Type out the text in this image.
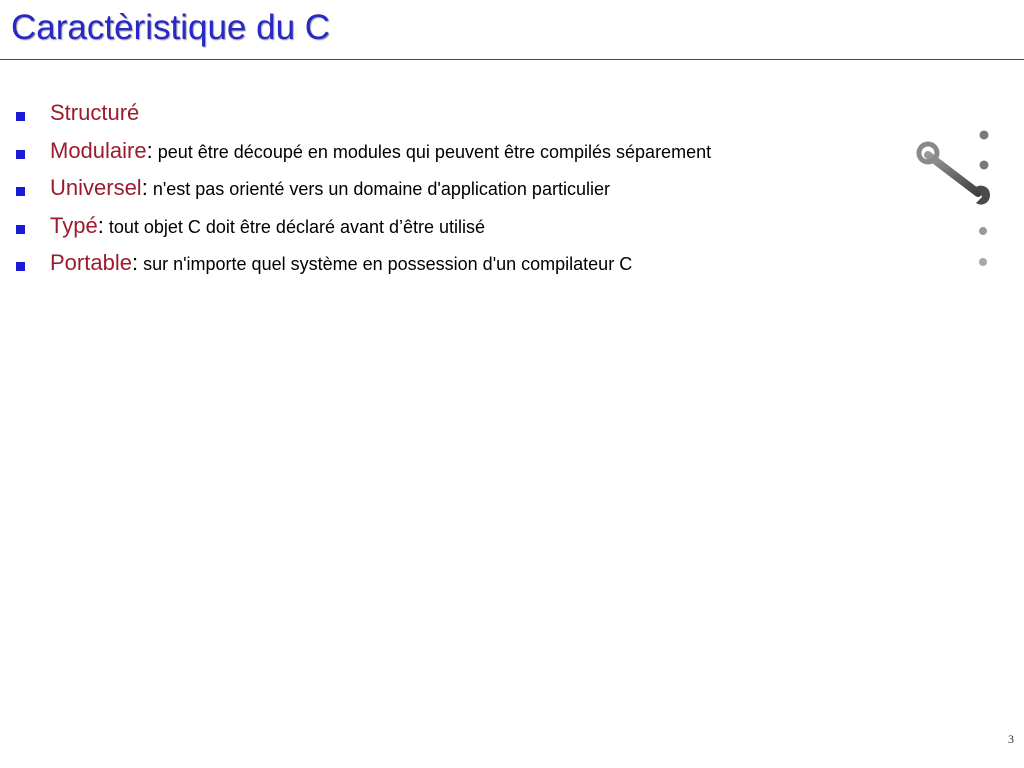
Caractèristique du C
Structuré
Modulaire: peut être découpé en modules qui peuvent être compilés séparement
Universel: n'est pas orienté vers un domaine d'application particulier
Typé: tout objet C doit être déclaré avant d’être utilisé
Portable: sur n'importe quel système en possession d'un compilateur C
3
